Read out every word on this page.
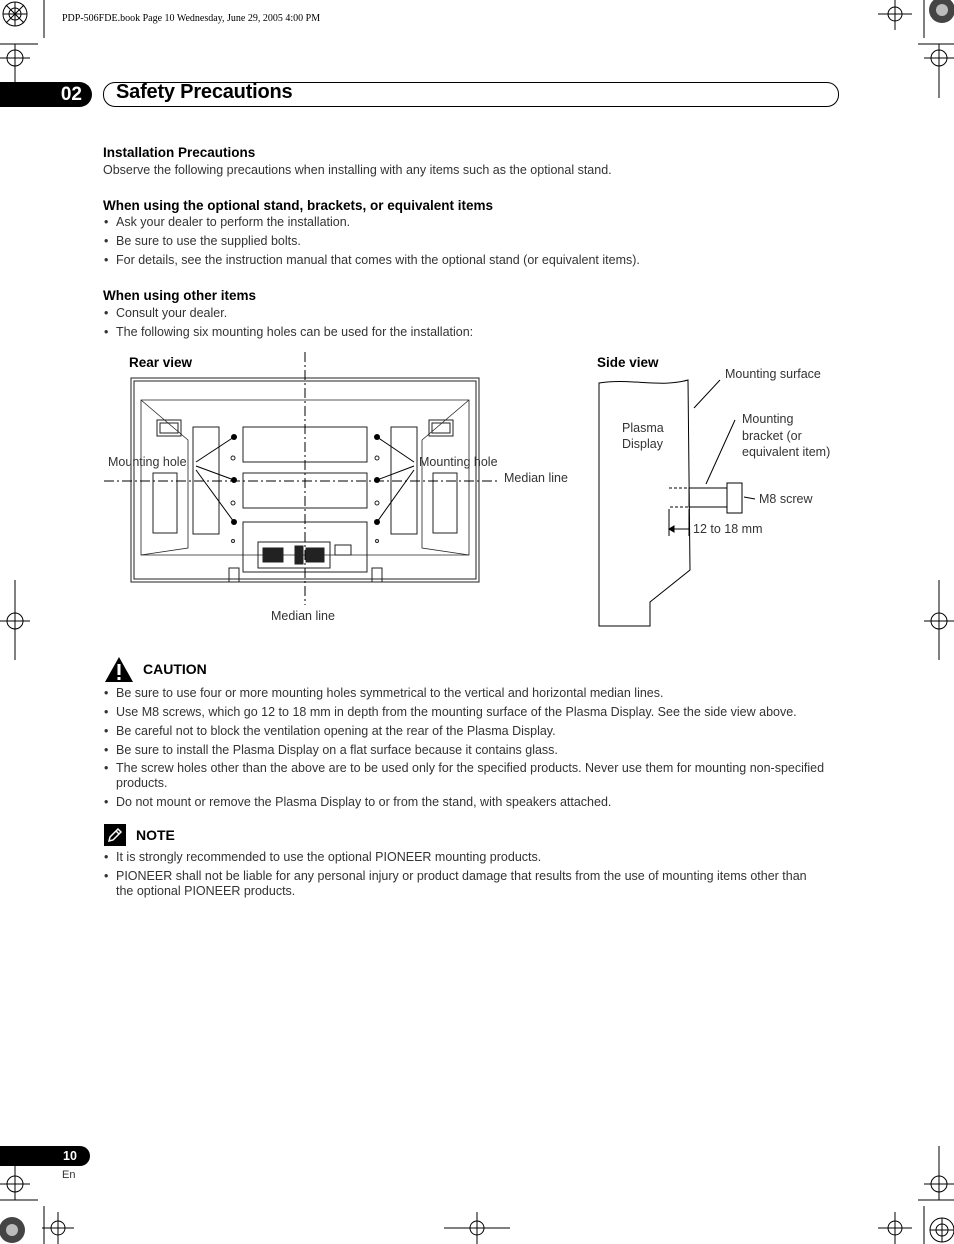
PDP-506FDE.book Page 10 Wednesday, June 29, 2005 4:00 PM
02	Safety Precautions
Installation Precautions
Observe the following precautions when installing with any items such as the optional stand.
When using the optional stand, brackets, or equivalent items
• Ask your dealer to perform the installation.
• Be sure to use the supplied bolts.
• For details, see the instruction manual that comes with the optional stand (or equivalent items).
When using other items
• Consult your dealer.
• The following six mounting holes can be used for the installation:
Rear view
Mounting hole	Mounting hole
Median line
Median line
Side view
Mounting surface
Plasma
Display
Mounting
bracket (or
equivalent item)
M8 screw
12 to 18 mm
CAUTION
• Be sure to use four or more mounting holes symmetrical to the vertical and horizontal median lines.
• Use M8 screws, which go 12 to 18 mm in depth from the mounting surface of the Plasma Display. See the side view above.
• Be careful not to block the ventilation opening at the rear of the Plasma Display.
• Be sure to install the Plasma Display on a flat surface because it contains glass.
• The screw holes other than the above are to be used only for the specified products. Never use them for mounting non-specified
products.
• Do not mount or remove the Plasma Display to or from the stand, with speakers attached.
NOTE
• It is strongly recommended to use the optional PIONEER mounting products.
• PIONEER shall not be liable for any personal injury or product damage that results from the use of mounting items other than
the optional PIONEER products.
10
En
